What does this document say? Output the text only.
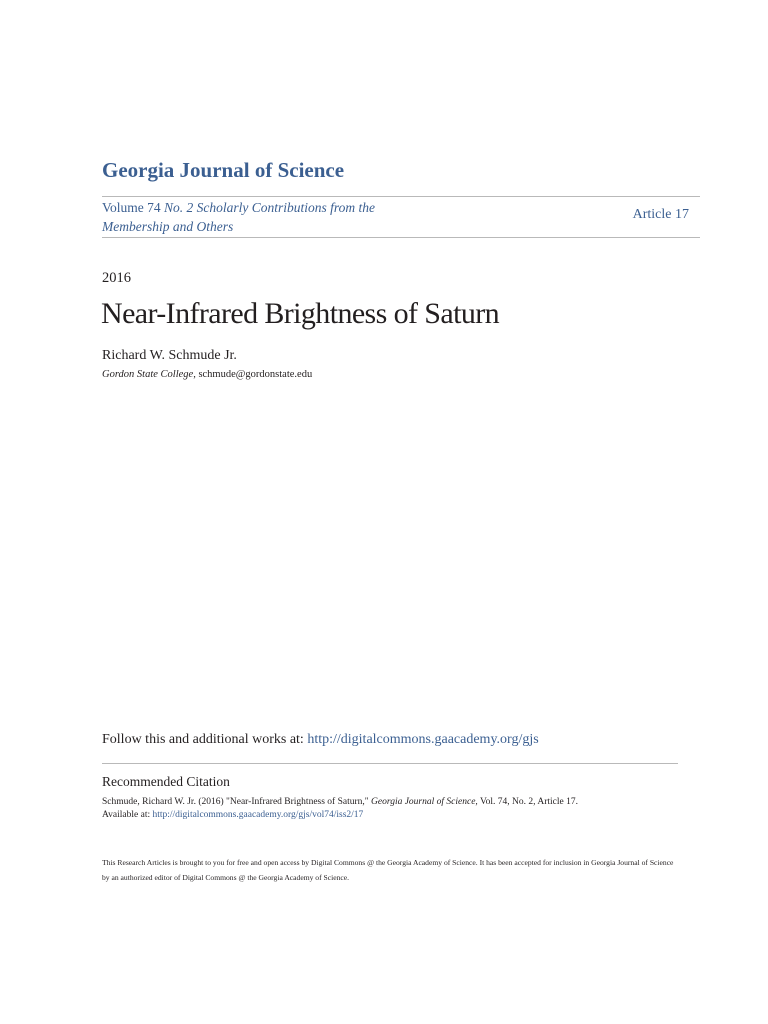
Georgia Journal of Science
Volume 74 No. 2 Scholarly Contributions from the Membership and Others
Article 17
2016
Near-Infrared Brightness of Saturn
Richard W. Schmude Jr.
Gordon State College, schmude@gordonstate.edu
Follow this and additional works at: http://digitalcommons.gaacademy.org/gjs
Recommended Citation
Schmude, Richard W. Jr. (2016) "Near-Infrared Brightness of Saturn," Georgia Journal of Science, Vol. 74, No. 2, Article 17.
Available at: http://digitalcommons.gaacademy.org/gjs/vol74/iss2/17
This Research Articles is brought to you for free and open access by Digital Commons @ the Georgia Academy of Science. It has been accepted for inclusion in Georgia Journal of Science by an authorized editor of Digital Commons @ the Georgia Academy of Science.
